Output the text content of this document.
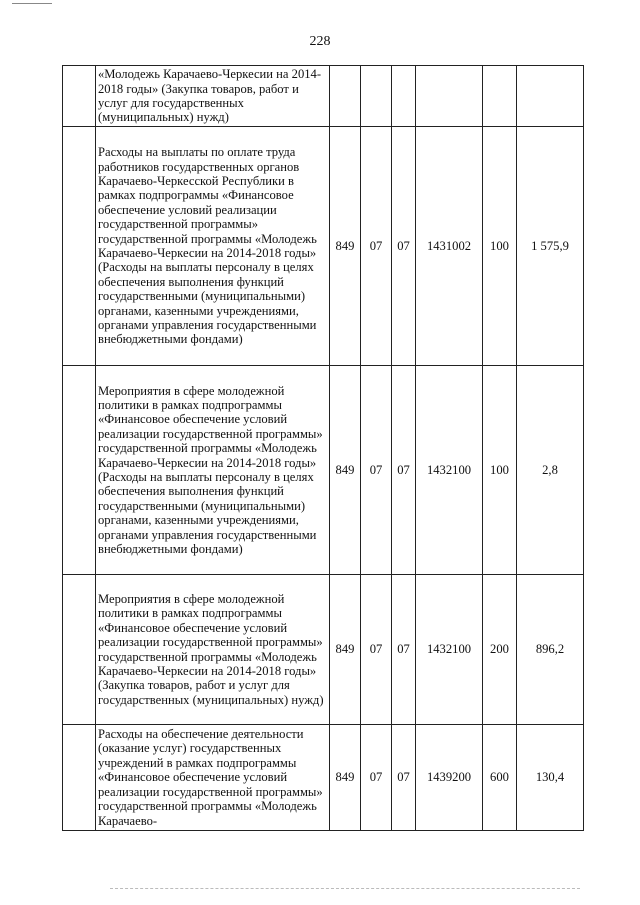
228
	«Молодежь Карачаево-Черкесии на 2014-2018 годы» (Закупка товаров, работ и услуг для государственных (муниципальных) нужд)						
	Расходы на выплаты по оплате труда работников государственных органов Карачаево-Черкесской Республики в рамках подпрограммы «Финансовое обеспечение условий реализации государственной программы» государственной программы «Молодежь Карачаево-Черкесии на 2014-2018 годы» (Расходы на выплаты персоналу в целях обеспечения выполнения функций государственными (муниципальными) органами, казенными учреждениями, органами управления государственными внебюджетными фондами)	849	07	07	1431002	100	1 575,9
	Мероприятия в сфере молодежной политики в рамках подпрограммы «Финансовое обеспечение условий реализации государственной программы» государственной программы «Молодежь Карачаево-Черкесии на 2014-2018 годы» (Расходы на выплаты персоналу в целях обеспечения выполнения функций государственными (муниципальными) органами, казенными учреждениями, органами управления государственными внебюджетными фондами)	849	07	07	1432100	100	2,8
	Мероприятия в сфере молодежной политики в рамках подпрограммы «Финансовое обеспечение условий реализации государственной программы» государственной программы «Молодежь Карачаево-Черкесии на 2014-2018 годы» (Закупка товаров, работ и услуг для государственных (муниципальных) нужд)	849	07	07	1432100	200	896,2
	Расходы на обеспечение деятельности (оказание услуг) государственных учреждений в рамках подпрограммы «Финансовое обеспечение условий реализации государственной программы» государственной программы «Молодежь Карачаево-	849	07	07	1439200	600	130,4
